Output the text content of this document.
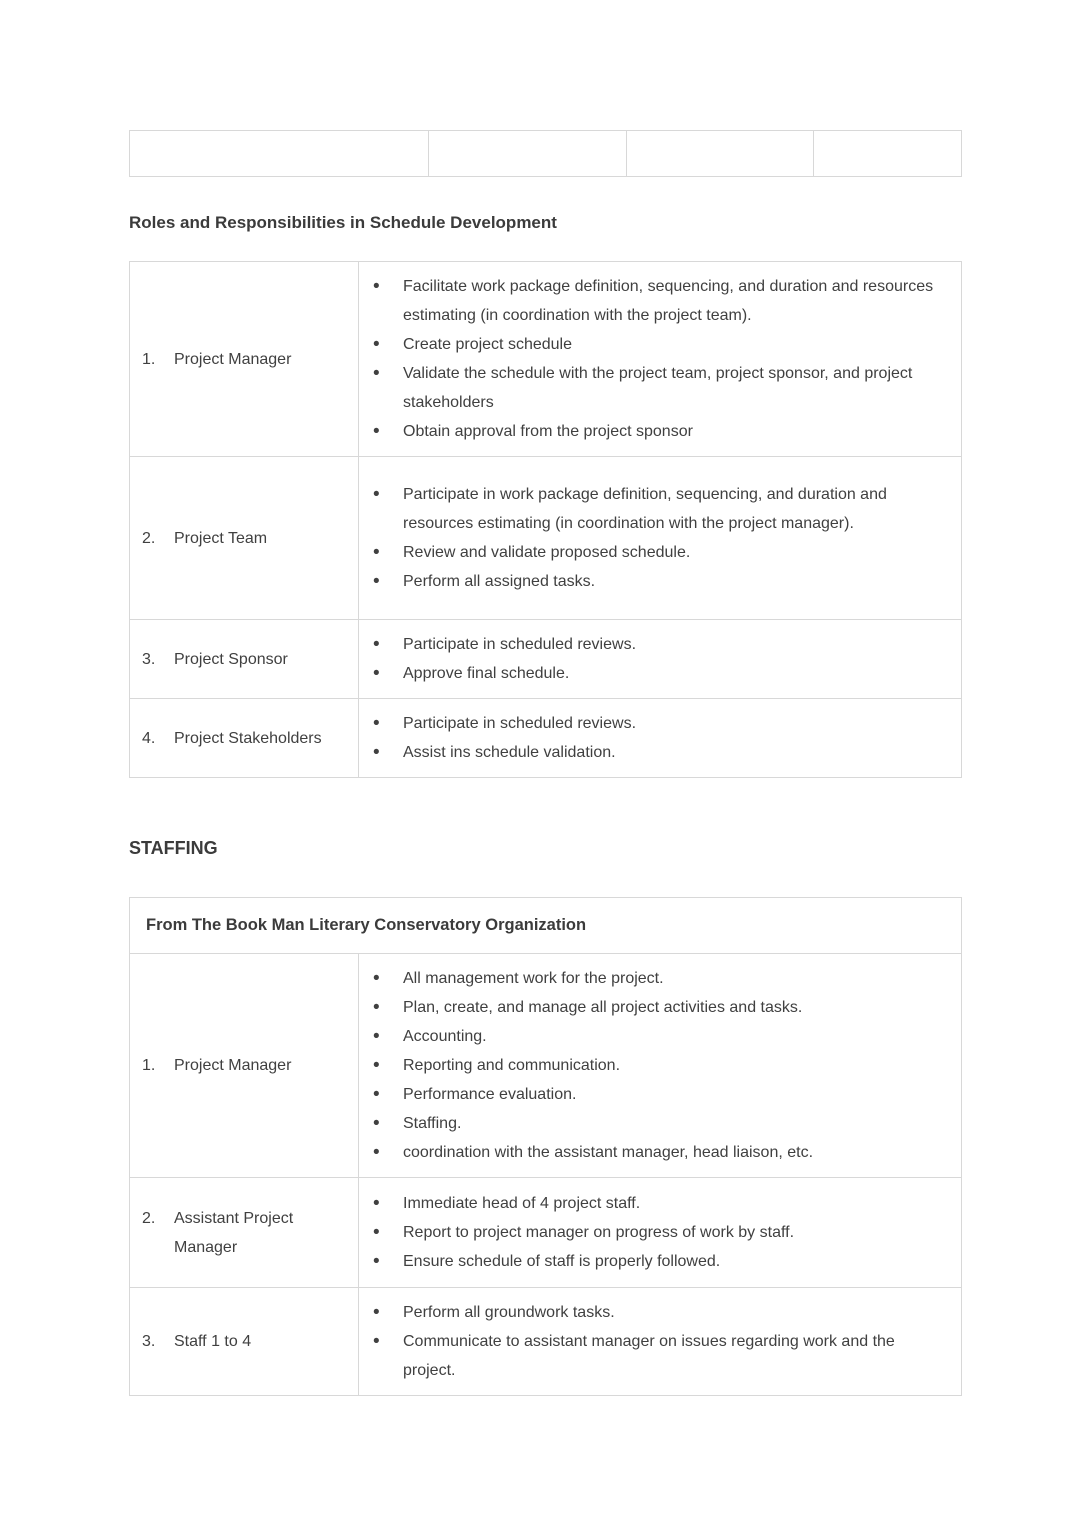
Roles and Responsibilities in Schedule Development
1. Project Manager

•
Facilitate work package definition, sequencing, and duration and resources estimating (in coordination with the project team).
•
Create project schedule
•
Validate the schedule with the project team, project sponsor, and project stakeholders
•
Obtain approval from the project sponsor

2. Project Team

•
Participate in work package definition, sequencing, and duration and resources estimating (in coordination with the project manager).
•
Review and validate proposed schedule.
•
Perform all assigned tasks.

3. Project Sponsor

•
Participate in scheduled reviews.
•
Approve final schedule.

4. Project Stakeholders

•
Participate in scheduled reviews.
•
Assist ins schedule validation.
STAFFING
From The Book Man Literary Conservatory Organization	

1. Project Manager

•
All management work for the project.
•
Plan, create, and manage all project activities and tasks.
•
Accounting.
•
Reporting and communication.
•
Performance evaluation.
•
Staffing.
•
coordination with the assistant manager, head liaison, etc.

2. Assistant Project Manager

•
Immediate head of 4 project staff.
•
Report to project manager on progress of work by staff.
•
Ensure schedule of staff is properly followed.

3. Staff 1 to 4

•
Perform all groundwork tasks.
•
Communicate to assistant manager on issues regarding work and the project.
